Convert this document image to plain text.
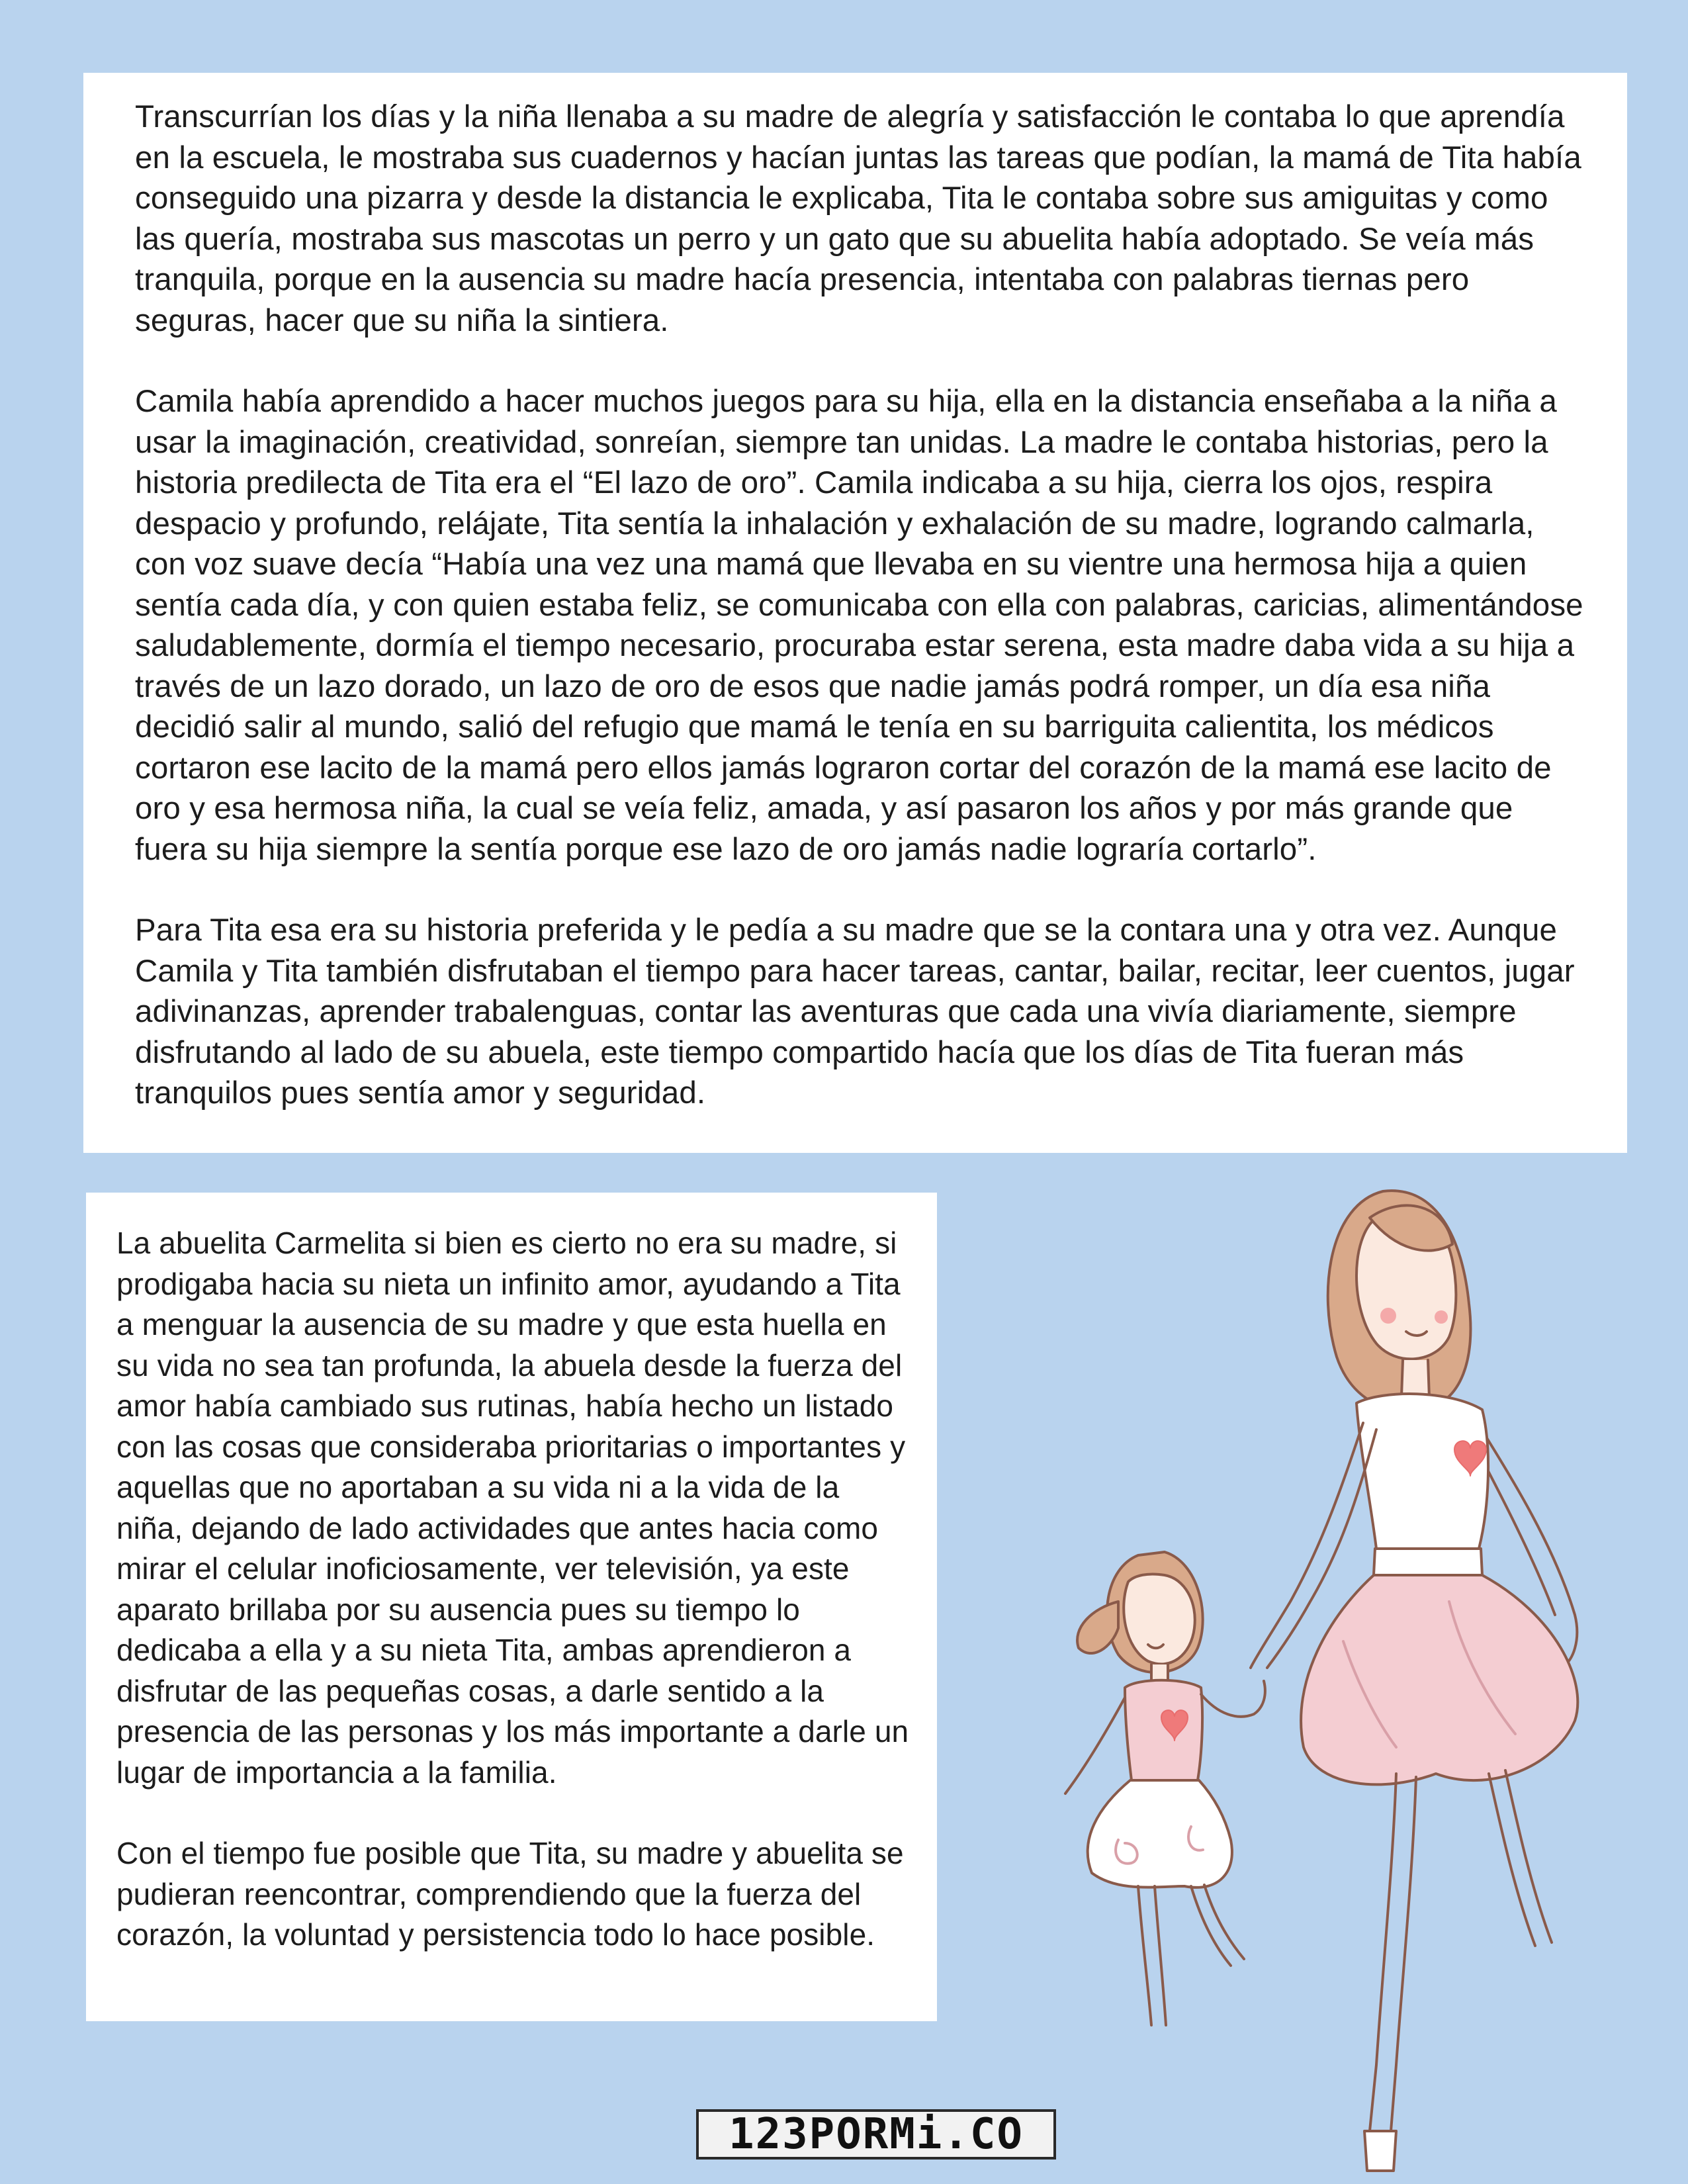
Transcurrían los días y la niña llenaba a su madre de alegría y satisfacción le contaba lo que aprendía en la escuela, le mostraba sus cuadernos y hacían juntas las tareas que podían, la mamá de Tita había conseguido una pizarra y desde la distancia le explicaba, Tita le contaba sobre sus amiguitas y como las quería, mostraba sus mascotas un perro y un gato que su abuelita había adoptado. Se veía más tranquila, porque en la ausencia su madre hacía presencia, intentaba con palabras tiernas pero seguras, hacer que su niña la sintiera.

Camila había aprendido a hacer muchos juegos para su hija, ella en la distancia enseñaba a la niña a usar la imaginación, creatividad, sonreían, siempre tan unidas. La madre le contaba historias, pero la historia predilecta de Tita era el “El lazo de oro”. Camila indicaba a su hija, cierra los ojos, respira despacio y profundo, relájate, Tita sentía la inhalación y exhalación de su madre, logrando calmarla, con voz suave decía “Había una vez una mamá que llevaba en su vientre una hermosa hija a quien sentía cada día, y con quien estaba feliz, se comunicaba con ella con palabras, caricias, alimentándose saludablemente, dormía el tiempo necesario, procuraba estar serena, esta madre daba vida a su hija a través de un lazo dorado, un lazo de oro de esos que nadie jamás podrá romper, un día esa niña decidió salir al mundo, salió del refugio que mamá le tenía en su barriguita calientita, los médicos cortaron ese lacito de la mamá pero ellos jamás lograron cortar del corazón de la mamá ese lacito de oro y esa hermosa niña, la cual se veía feliz, amada, y así pasaron los años y por más grande que fuera su hija siempre la sentía porque ese lazo de oro jamás nadie lograría cortarlo”.

Para Tita esa era su historia preferida y le pedía a su madre que se la contara una y otra vez. Aunque Camila y Tita también disfrutaban el tiempo para hacer tareas, cantar, bailar, recitar, leer cuentos, jugar adivinanzas, aprender trabalenguas, contar las aventuras que cada una vivía diariamente, siempre disfrutando al lado de su abuela, este tiempo compartido hacía que los días de Tita fueran más tranquilos pues sentía amor y seguridad.

La abuelita Carmelita si bien es cierto no era su madre, si prodigaba hacia su nieta un infinito amor, ayudando a Tita a menguar la ausencia de su madre y que esta huella en su vida no sea tan profunda, la abuela desde la fuerza del amor había cambiado sus rutinas, había hecho un listado con las cosas que consideraba prioritarias o importantes y aquellas que no aportaban a su vida ni a la vida de la niña, dejando de lado actividades que antes hacia como mirar el celular inoficiosamente, ver televisión, ya este aparato brillaba por su ausencia pues su tiempo lo dedicaba a ella y a su nieta Tita, ambas aprendieron a disfrutar de las pequeñas cosas, a darle sentido a la presencia de las personas y los más importante a darle un lugar de importancia a la familia.

Con el tiempo fue posible que Tita, su madre y abuelita se pudieran reencontrar, comprendiendo que la fuerza del corazón, la voluntad y persistencia todo lo hace posible.

123PORMi.CO
